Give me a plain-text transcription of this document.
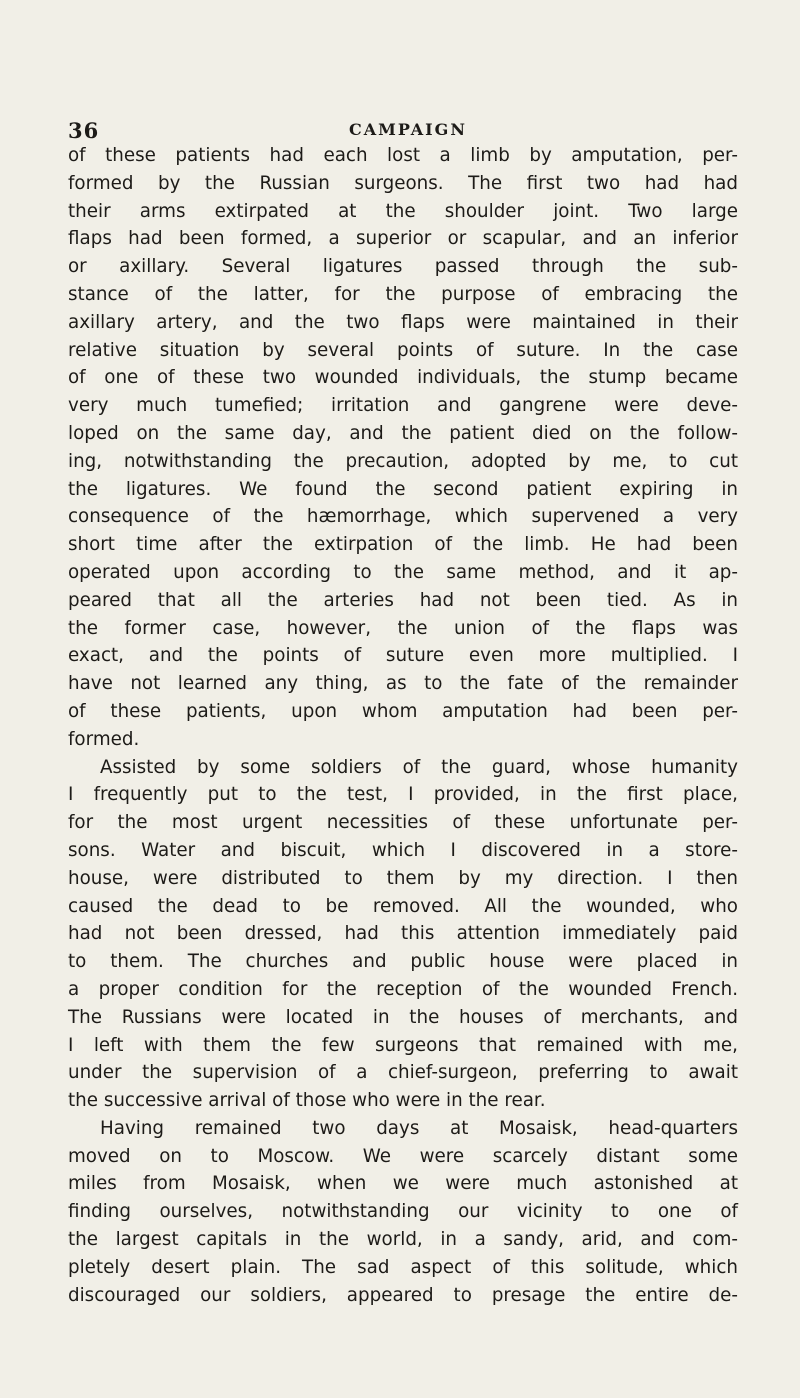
36	CAMPAIGN
of these patients had each lost a limb by amputation, per-
formed by the Russian surgeons. The first two had had
their arms extirpated at the shoulder joint. Two large
flaps had been formed, a superior or scapular, and an inferior
or axillary. Several ligatures passed through the sub-
stance of the latter, for the purpose of embracing the
axillary artery, and the two flaps were maintained in their
relative situation by several points of suture. In the case
of one of these two wounded individuals, the stump became
very much tumefied; irritation and gangrene were deve-
loped on the same day, and the patient died on the follow-
ing, notwithstanding the precaution, adopted by me, to cut
the ligatures. We found the second patient expiring in
consequence of the hæmorrhage, which supervened a very
short time after the extirpation of the limb. He had been
operated upon according to the same method, and it ap-
peared that all the arteries had not been tied. As in
the former case, however, the union of the flaps was
exact, and the points of suture even more multiplied. I
have not learned any thing, as to the fate of the remainder
of these patients, upon whom amputation had been per-
formed.
Assisted by some soldiers of the guard, whose humanity
I frequently put to the test, I provided, in the first place,
for the most urgent necessities of these unfortunate per-
sons. Water and biscuit, which I discovered in a store-
house, were distributed to them by my direction. I then
caused the dead to be removed. All the wounded, who
had not been dressed, had this attention immediately paid
to them. The churches and public house were placed in
a proper condition for the reception of the wounded French.
The Russians were located in the houses of merchants, and
I left with them the few surgeons that remained with me,
under the supervision of a chief-surgeon, preferring to await
the successive arrival of those who were in the rear.
Having remained two days at Mosaisk, head-quarters
moved on to Moscow. We were scarcely distant some
miles from Mosaisk, when we were much astonished at
finding ourselves, notwithstanding our vicinity to one of
the largest capitals in the world, in a sandy, arid, and com-
pletely desert plain. The sad aspect of this solitude, which
discouraged our soldiers, appeared to presage the entire de-
